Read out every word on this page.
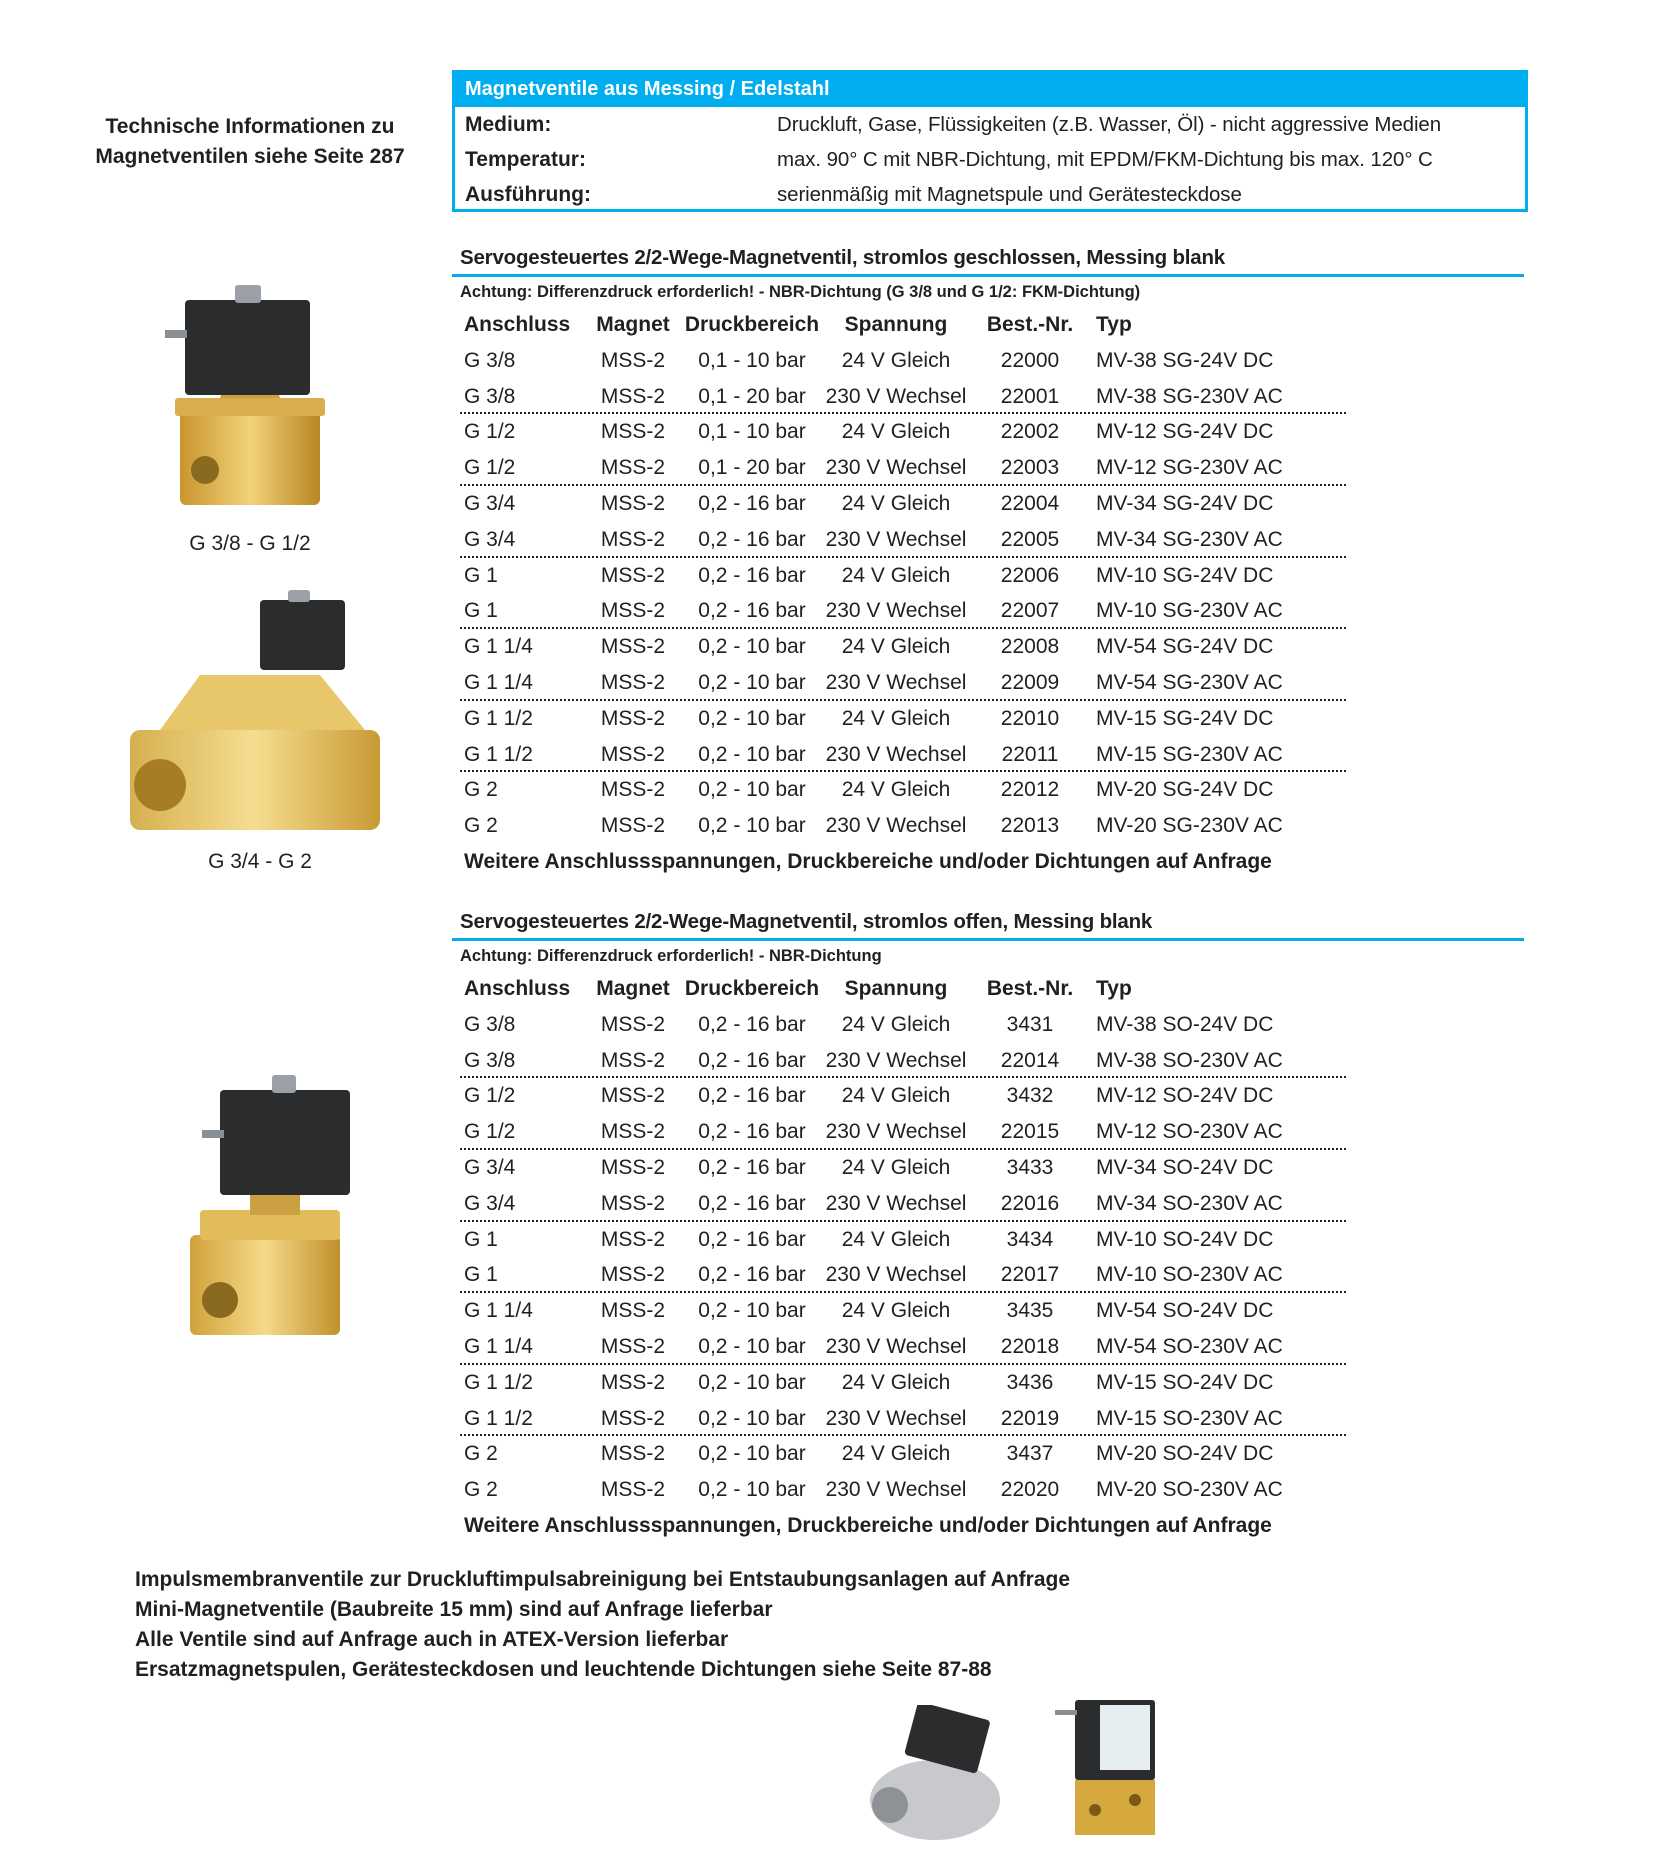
Technische Informationen zu
Magnetventilen siehe Seite 287
Magnetventile aus Messing / Edelstahl
Medium:	Druckluft, Gase, Flüssigkeiten (z.B. Wasser, Öl) - nicht aggressive Medien
Temperatur:	max. 90° C mit NBR-Dichtung, mit EPDM/FKM-Dichtung bis max. 120° C
Ausführung:	serienmäßig mit Magnetspule und Gerätesteckdose
Servogesteuertes 2/2-Wege-Magnetventil, stromlos geschlossen, Messing blank
Achtung: Differenzdruck erforderlich! - NBR-Dichtung (G 3/8 und G 1/2: FKM-Dichtung)
Anschluss	Magnet Druckbereich	Spannung	Best.-Nr.	Typ
G 3/8	MSS-2	0,1 - 10 bar	24 V Gleich	22000	MV-38 SG-24V DC
G 3/8	MSS-2	0,1 - 20 bar 230 V Wechsel	22001	MV-38 SG-230V AC
G 1/2	MSS-2	0,1 - 10 bar	24 V Gleich	22002	MV-12 SG-24V DC
G 1/2	MSS-2	0,1 - 20 bar 230 V Wechsel	22003	MV-12 SG-230V AC
G 3/4	MSS-2	0,2 - 16 bar	24 V Gleich	22004	MV-34 SG-24V DC
G 3/4	MSS-2	0,2 - 16 bar 230 V Wechsel	22005	MV-34 SG-230V AC
G 1	MSS-2	0,2 - 16 bar	24 V Gleich	22006	MV-10 SG-24V DC
G 1	MSS-2	0,2 - 16 bar 230 V Wechsel	22007	MV-10 SG-230V AC
G 1 1/4	MSS-2	0,2 - 10 bar	24 V Gleich	22008	MV-54 SG-24V DC
G 1 1/4	MSS-2	0,2 - 10 bar 230 V Wechsel	22009	MV-54 SG-230V AC
G 1 1/2	MSS-2	0,2 - 10 bar	24 V Gleich	22010	MV-15 SG-24V DC
G 1 1/2	MSS-2	0,2 - 10 bar 230 V Wechsel	22011	MV-15 SG-230V AC
G 2	MSS-2	0,2 - 10 bar	24 V Gleich	22012	MV-20 SG-24V DC
G 2	MSS-2	0,2 - 10 bar 230 V Wechsel	22013	MV-20 SG-230V AC
Weitere Anschlussspannungen, Druckbereiche und/oder Dichtungen auf Anfrage
Servogesteuertes 2/2-Wege-Magnetventil, stromlos offen, Messing blank
Achtung: Differenzdruck erforderlich! - NBR-Dichtung
Anschluss	Magnet Druckbereich	Spannung	Best.-Nr.	Typ
G 3/8	MSS-2	0,2 - 16 bar	24 V Gleich	3431	MV-38 SO-24V DC
G 3/8	MSS-2	0,2 - 16 bar 230 V Wechsel	22014	MV-38 SO-230V AC
G 1/2	MSS-2	0,2 - 16 bar	24 V Gleich	3432	MV-12 SO-24V DC
G 1/2	MSS-2	0,2 - 16 bar 230 V Wechsel	22015	MV-12 SO-230V AC
G 3/4	MSS-2	0,2 - 16 bar	24 V Gleich	3433	MV-34 SO-24V DC
G 3/4	MSS-2	0,2 - 16 bar 230 V Wechsel	22016	MV-34 SO-230V AC
G 1	MSS-2	0,2 - 16 bar	24 V Gleich	3434	MV-10 SO-24V DC
G 1	MSS-2	0,2 - 16 bar 230 V Wechsel	22017	MV-10 SO-230V AC
G 1 1/4	MSS-2	0,2 - 10 bar	24 V Gleich	3435	MV-54 SO-24V DC
G 1 1/4	MSS-2	0,2 - 10 bar 230 V Wechsel	22018	MV-54 SO-230V AC
G 1 1/2	MSS-2	0,2 - 10 bar	24 V Gleich	3436	MV-15 SO-24V DC
G 1 1/2	MSS-2	0,2 - 10 bar 230 V Wechsel	22019	MV-15 SO-230V AC
G 2	MSS-2	0,2 - 10 bar	24 V Gleich	3437	MV-20 SO-24V DC
G 2	MSS-2	0,2 - 10 bar 230 V Wechsel	22020	MV-20 SO-230V AC
Weitere Anschlussspannungen, Druckbereiche und/oder Dichtungen auf Anfrage
G 3/8 - G 1/2
G 3/4 - G 2
Impulsmembranventile zur Druckluftimpulsabreinigung bei Entstaubungsanlagen auf Anfrage
Mini-Magnetventile (Baubreite 15 mm) sind auf Anfrage lieferbar
Alle Ventile sind auf Anfrage auch in ATEX-Version lieferbar
Ersatzmagnetspulen, Gerätesteckdosen und leuchtende Dichtungen siehe Seite 87-88
